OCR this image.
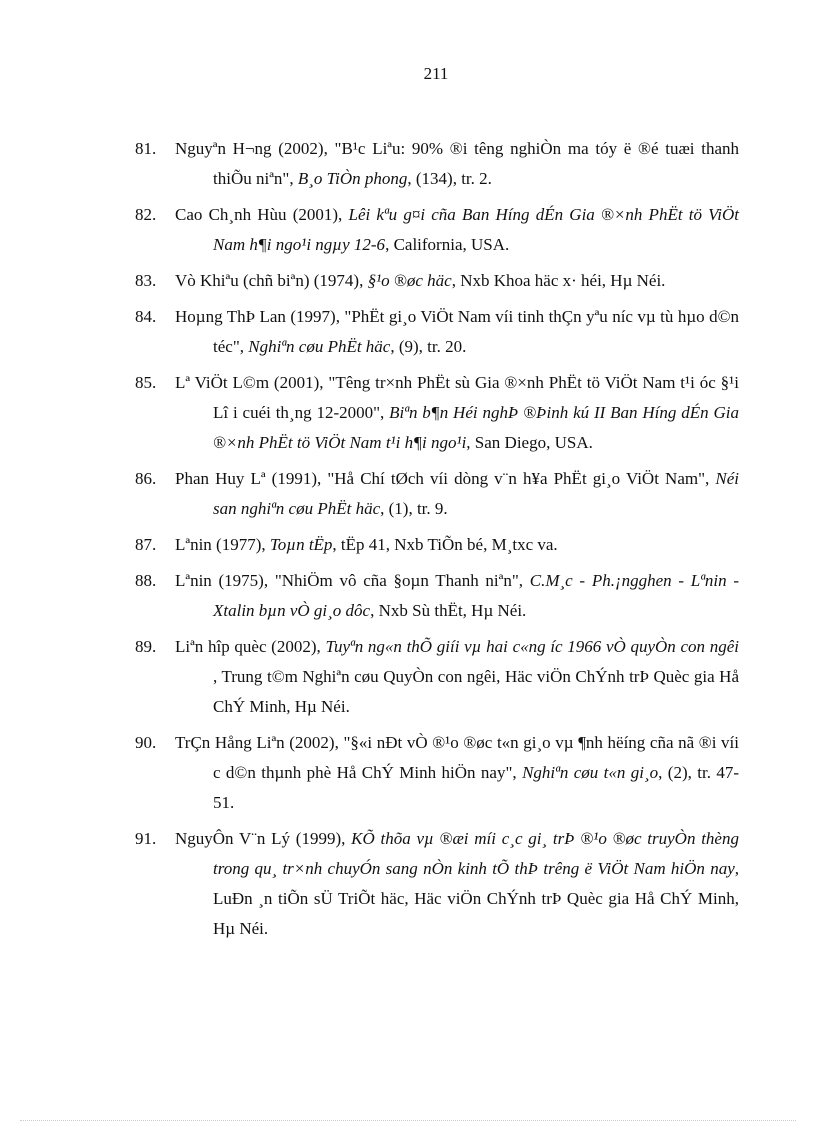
211
81.	Nguyªn H¬ng (2002), "B¹c Liªu: 90% ®i têng nghiÒn ma tóy ë ®é tuæi thanh thiÕu niªn", B¸o TiÒn phong, (134), tr. 2.
82.	Cao Ch¸nh Hùu (2001), Lêi kªu g¤i cña Ban Híng dÉn Gia ®×nh PhËt tö ViÖt Nam h¶i ngo¹i ngµy 12-6, California, USA.
83.	Vò Khiªu (chñ biªn) (1974), §¹o ®øc häc, Nxb Khoa häc x· héi, Hµ Néi.
84.	Hoµng ThÞ Lan (1997), "PhËt gi¸o ViÖt Nam víi tinh thÇn yªu níc vµ tù hµo d©n téc", Nghiªn cøu PhËt häc, (9), tr. 20.
85.	Lª ViÖt L©m (2001), "Têng tr×nh PhËt sù Gia ®×nh PhËt tö ViÖt Nam t¹i óc §¹i Lî i cuéi th¸ng 12-2000", Biªn b¶n Héi nghÞ ®Þinh kú II Ban Híng dÉn Gia ®×nh PhËt tö ViÖt Nam t¹i h¶i ngo¹i, San Diego, USA.
86.	Phan Huy Lª (1991), "Hå Chí tØch víi dòng v¨n h¥a PhËt gi¸o ViÖt Nam", Néi san nghiªn cøu PhËt häc, (1), tr. 9.
87.	Lªnin (1977), Toµn tËp, tËp 41, Nxb TiÕn bé, M¸txc va.
88.	Lªnin (1975), "NhiÖm vô cña §oµn Thanh niªn", C.M¸c - Ph.¡ngghen - Lªnin - Xtalin bµn vÒ gi¸o dôc, Nxb Sù thËt, Hµ Néi.
89.	Liªn hîp quèc (2002), Tuyªn ng«n thÕ giíi vµ hai c«ng íc 1966 vÒ quyÒn con ngêi , Trung t©m Nghiªn cøu QuyÒn con ngêi, Häc viÖn ChÝnh trÞ Quèc gia Hå ChÝ Minh, Hµ Néi.
90.	TrÇn Hång Liªn (2002), "§«i nÐt vÒ ®¹o ®øc t«n gi¸o vµ ¶nh hëíng cña nã ®i víi c d©n thµnh phè Hå ChÝ Minh hiÖn nay", Nghiªn cøu t«n gi¸o, (2), tr. 47-51.
91.	NguyÔn V¨n Lý (1999), KÕ thõa vµ ®æi míi c¸c gi¸ trÞ ®¹o ®øc truyÒn thèng trong qu¸ tr×nh chuyÓn sang nÒn kinh tÕ thÞ trêng ë ViÖt Nam hiÖn nay, LuÐn ¸n tiÕn sÜ TriÕt häc, Häc viÖn ChÝnh trÞ Quèc gia Hå ChÝ Minh, Hµ Néi.
